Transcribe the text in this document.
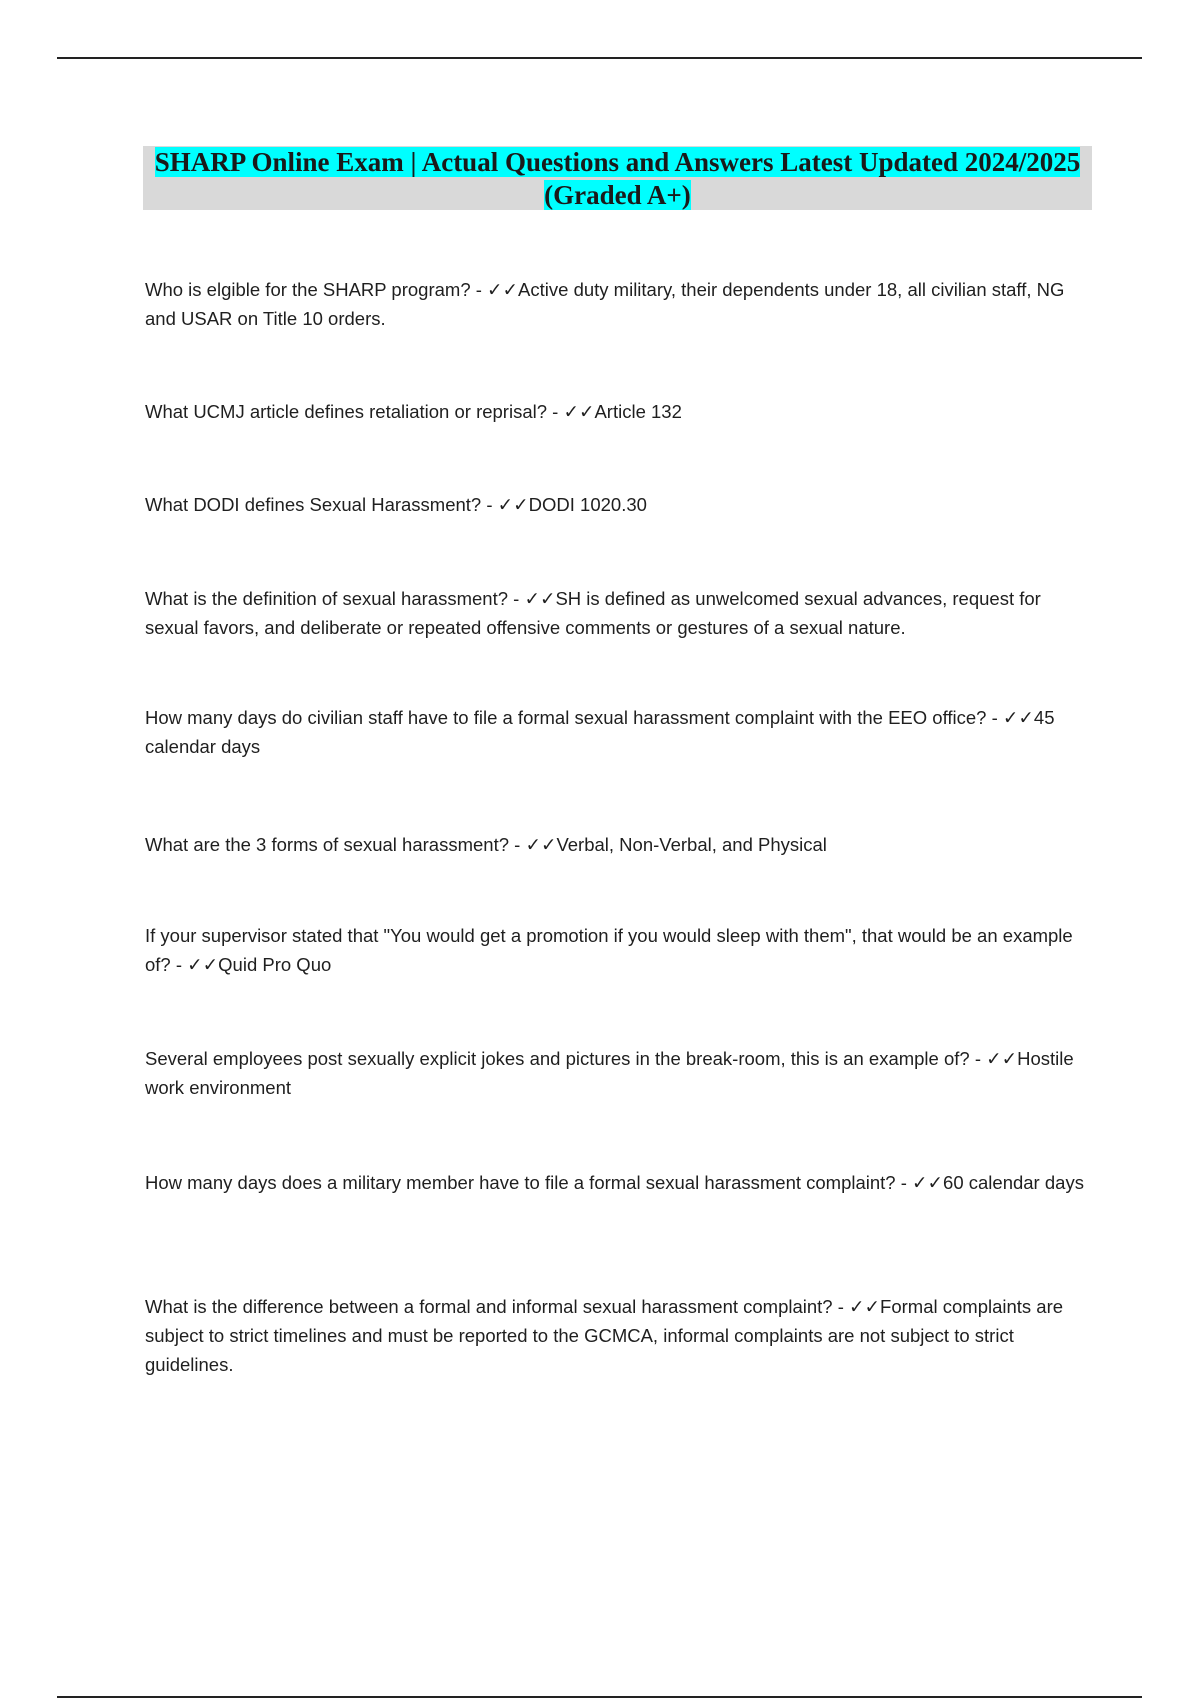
SHARP Online Exam | Actual Questions and Answers Latest Updated 2024/2025 (Graded A+)
Who is elgible for the SHARP program? - ✓✓Active duty military, their dependents under 18, all civilian staff, NG and USAR on Title 10 orders.
What UCMJ article defines retaliation or reprisal? - ✓✓Article 132
What DODI defines Sexual Harassment? - ✓✓DODI 1020.30
What is the definition of sexual harassment? - ✓✓SH is defined as unwelcomed sexual advances, request for sexual favors, and deliberate or repeated offensive comments or gestures of a sexual nature.
How many days do civilian staff have to file a formal sexual harassment complaint with the EEO office? - ✓✓45 calendar days
What are the 3 forms of sexual harassment? - ✓✓Verbal, Non-Verbal, and Physical
If your supervisor stated that "You would get a promotion if you would sleep with them", that would be an example of? - ✓✓Quid Pro Quo
Several employees post sexually explicit jokes and pictures in the break-room, this is an example of? - ✓✓Hostile work environment
How many days does a military member have to file a formal sexual harassment complaint? - ✓✓60 calendar days
What is the difference between a formal and informal sexual harassment complaint? - ✓✓Formal complaints are subject to strict timelines and must be reported to the GCMCA, informal complaints are not subject to strict guidelines.
